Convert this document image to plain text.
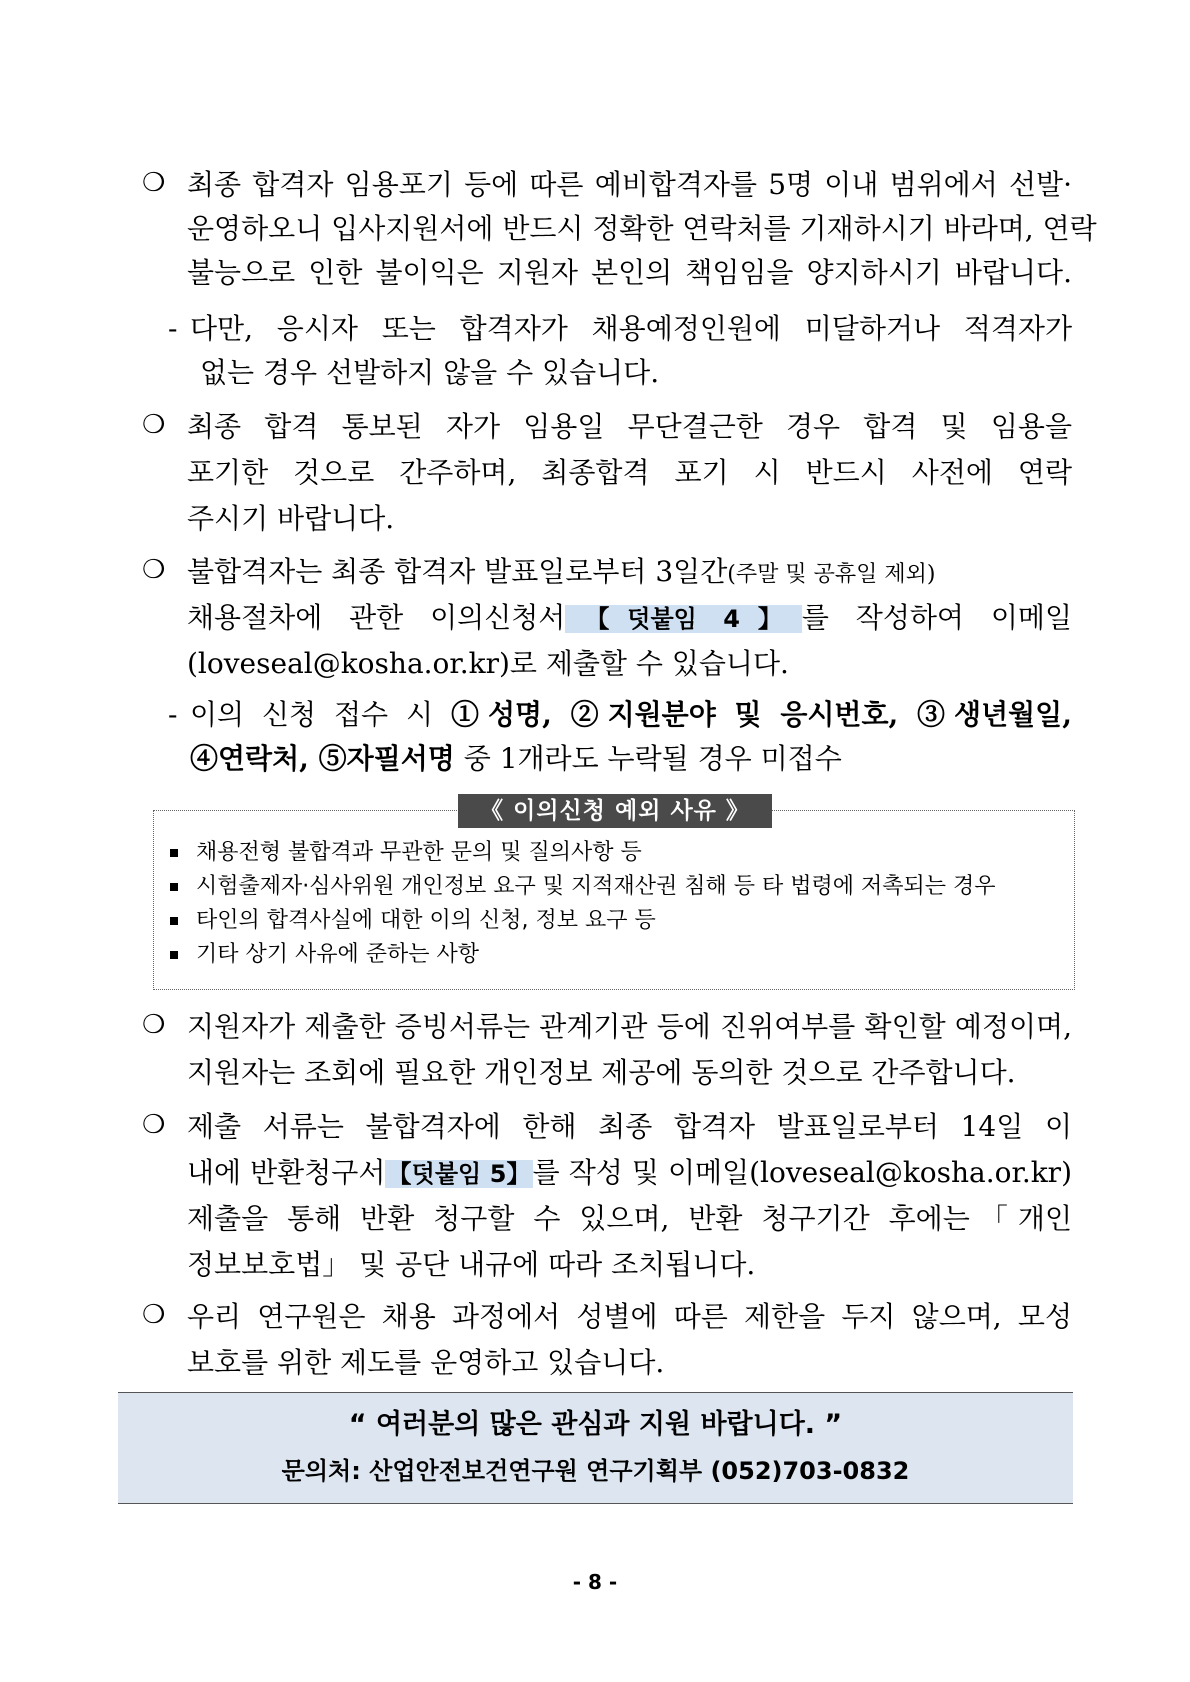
❍ 최종 합격자 임용포기 등에 따른 예비합격자를 5명 이내 범위에서 선발·
운영하오니 입사지원서에 반드시 정확한 연락처를 기재하시기 바라며, 연락
불능으로 인한 불이익은 지원자 본인의 책임임을 양지하시기 바랍니다.
- 다만, 응시자 또는 합격자가 채용예정인원에 미달하거나 적격자가
없는 경우 선발하지 않을 수 있습니다.
❍ 최종 합격 통보된 자가 임용일 무단결근한 경우 합격 및 임용을
포기한 것으로 간주하며, 최종합격 포기 시 반드시 사전에 연락
주시기 바랍니다.
❍ 불합격자는 최종 합격자 발표일로부터 3일간(주말 및 공휴일 제외)
채용절차에 관한 이의신청서【덧붙임 4】를 작성하여 이메일
(loveseal@kosha.or.kr)로 제출할 수 있습니다.
- 이의 신청 접수 시 ①성명, ②지원분야 및 응시번호, ③생년월일,
④연락처, ⑤자필서명 중 1개라도 누락될 경우 미접수
《 이의신청 예외 사유 》
채용전형 불합격과 무관한 문의 및 질의사항 등
시험출제자·심사위원 개인정보 요구 및 지적재산권 침해 등 타 법령에 저촉되는 경우
타인의 합격사실에 대한 이의 신청, 정보 요구 등
기타 상기 사유에 준하는 사항
❍ 지원자가 제출한 증빙서류는 관계기관 등에 진위여부를 확인할 예정이며,
지원자는 조회에 필요한 개인정보 제공에 동의한 것으로 간주합니다.
❍ 제출 서류는 불합격자에 한해 최종 합격자 발표일로부터 14일 이
내에 반환청구서【덧붙임 5】를 작성 및 이메일(loveseal@kosha.or.kr)
제출을 통해 반환 청구할 수 있으며, 반환 청구기간 후에는「개인
정보보호법」 및 공단 내규에 따라 조치됩니다.
❍ 우리 연구원은 채용 과정에서 성별에 따른 제한을 두지 않으며, 모성
보호를 위한 제도를 운영하고 있습니다.
“ 여러분의 많은 관심과 지원 바랍니다. ”
문의처: 산업안전보건연구원 연구기획부 (052)703-0832
- 8 -
